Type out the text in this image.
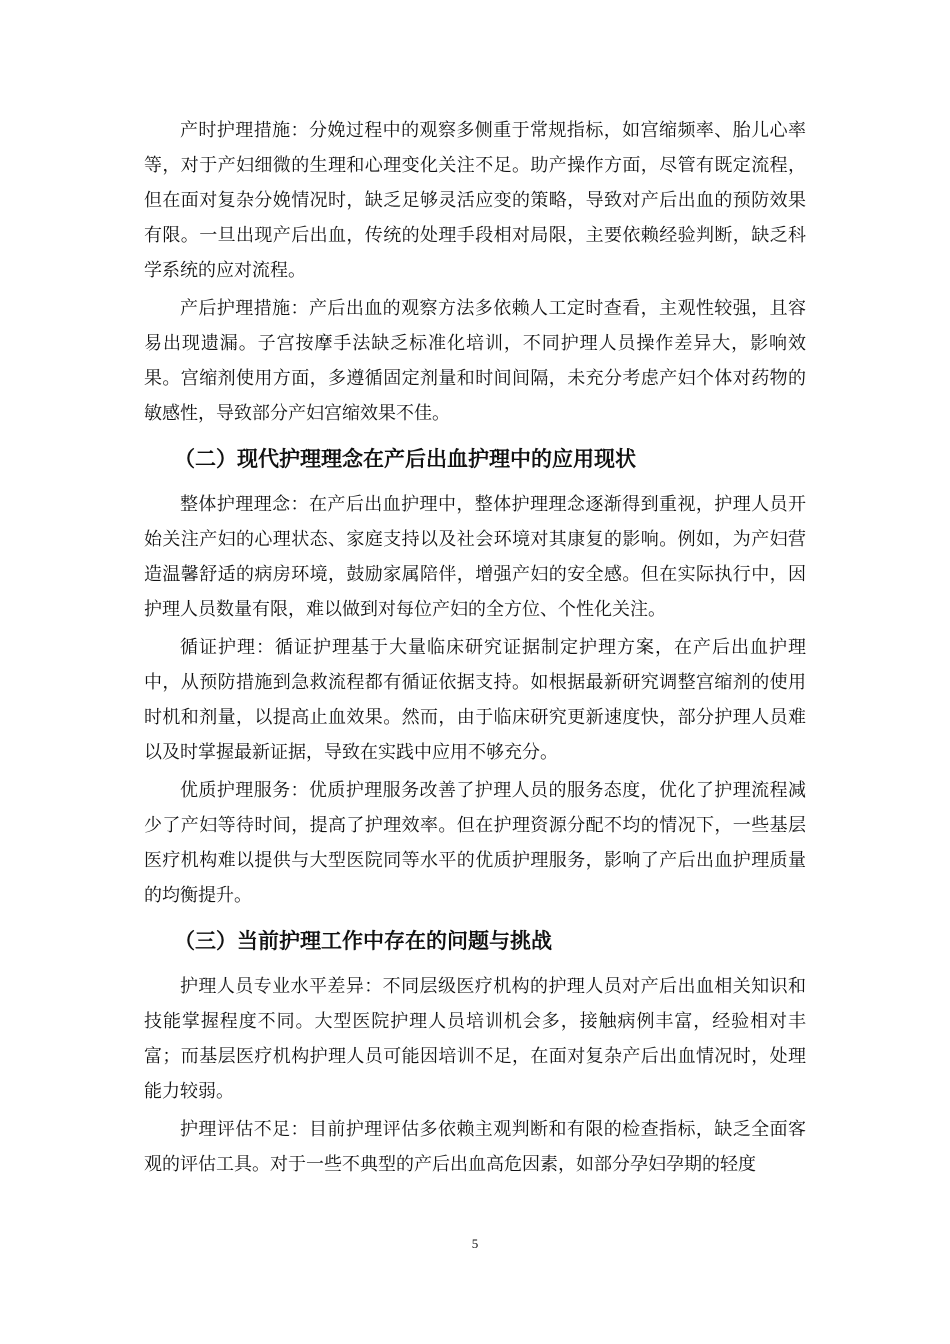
产时护理措施：分娩过程中的观察多侧重于常规指标，如宫缩频率、胎儿心率等，对于产妇细微的生理和心理变化关注不足。助产操作方面，尽管有既定流程，但在面对复杂分娩情况时，缺乏足够灵活应变的策略，导致对产后出血的预防效果有限。一旦出现产后出血，传统的处理手段相对局限，主要依赖经验判断，缺乏科学系统的应对流程。

产后护理措施：产后出血的观察方法多依赖人工定时查看，主观性较强，且容易出现遗漏。子宫按摩手法缺乏标准化培训，不同护理人员操作差异大，影响效果。宫缩剂使用方面，多遵循固定剂量和时间间隔，未充分考虑产妇个体对药物的敏感性，导致部分产妇宫缩效果不佳。

（二）现代护理理念在产后出血护理中的应用现状

整体护理理念：在产后出血护理中，整体护理理念逐渐得到重视，护理人员开始关注产妇的心理状态、家庭支持以及社会环境对其康复的影响。例如，为产妇营造温馨舒适的病房环境，鼓励家属陪伴，增强产妇的安全感。但在实际执行中，因护理人员数量有限，难以做到对每位产妇的全方位、个性化关注。

循证护理：循证护理基于大量临床研究证据制定护理方案，在产后出血护理中，从预防措施到急救流程都有循证依据支持。如根据最新研究调整宫缩剂的使用时机和剂量，以提高止血效果。然而，由于临床研究更新速度快，部分护理人员难以及时掌握最新证据，导致在实践中应用不够充分。

优质护理服务：优质护理服务改善了护理人员的服务态度，优化了护理流程减少了产妇等待时间，提高了护理效率。但在护理资源分配不均的情况下，一些基层医疗机构难以提供与大型医院同等水平的优质护理服务，影响了产后出血护理质量的均衡提升。

（三）当前护理工作中存在的问题与挑战

护理人员专业水平差异：不同层级医疗机构的护理人员对产后出血相关知识和技能掌握程度不同。大型医院护理人员培训机会多，接触病例丰富，经验相对丰富；而基层医疗机构护理人员可能因培训不足，在面对复杂产后出血情况时，处理能力较弱。

护理评估不足：目前护理评估多依赖主观判断和有限的检查指标，缺乏全面客观的评估工具。对于一些不典型的产后出血高危因素，如部分孕妇孕期的轻度

5
